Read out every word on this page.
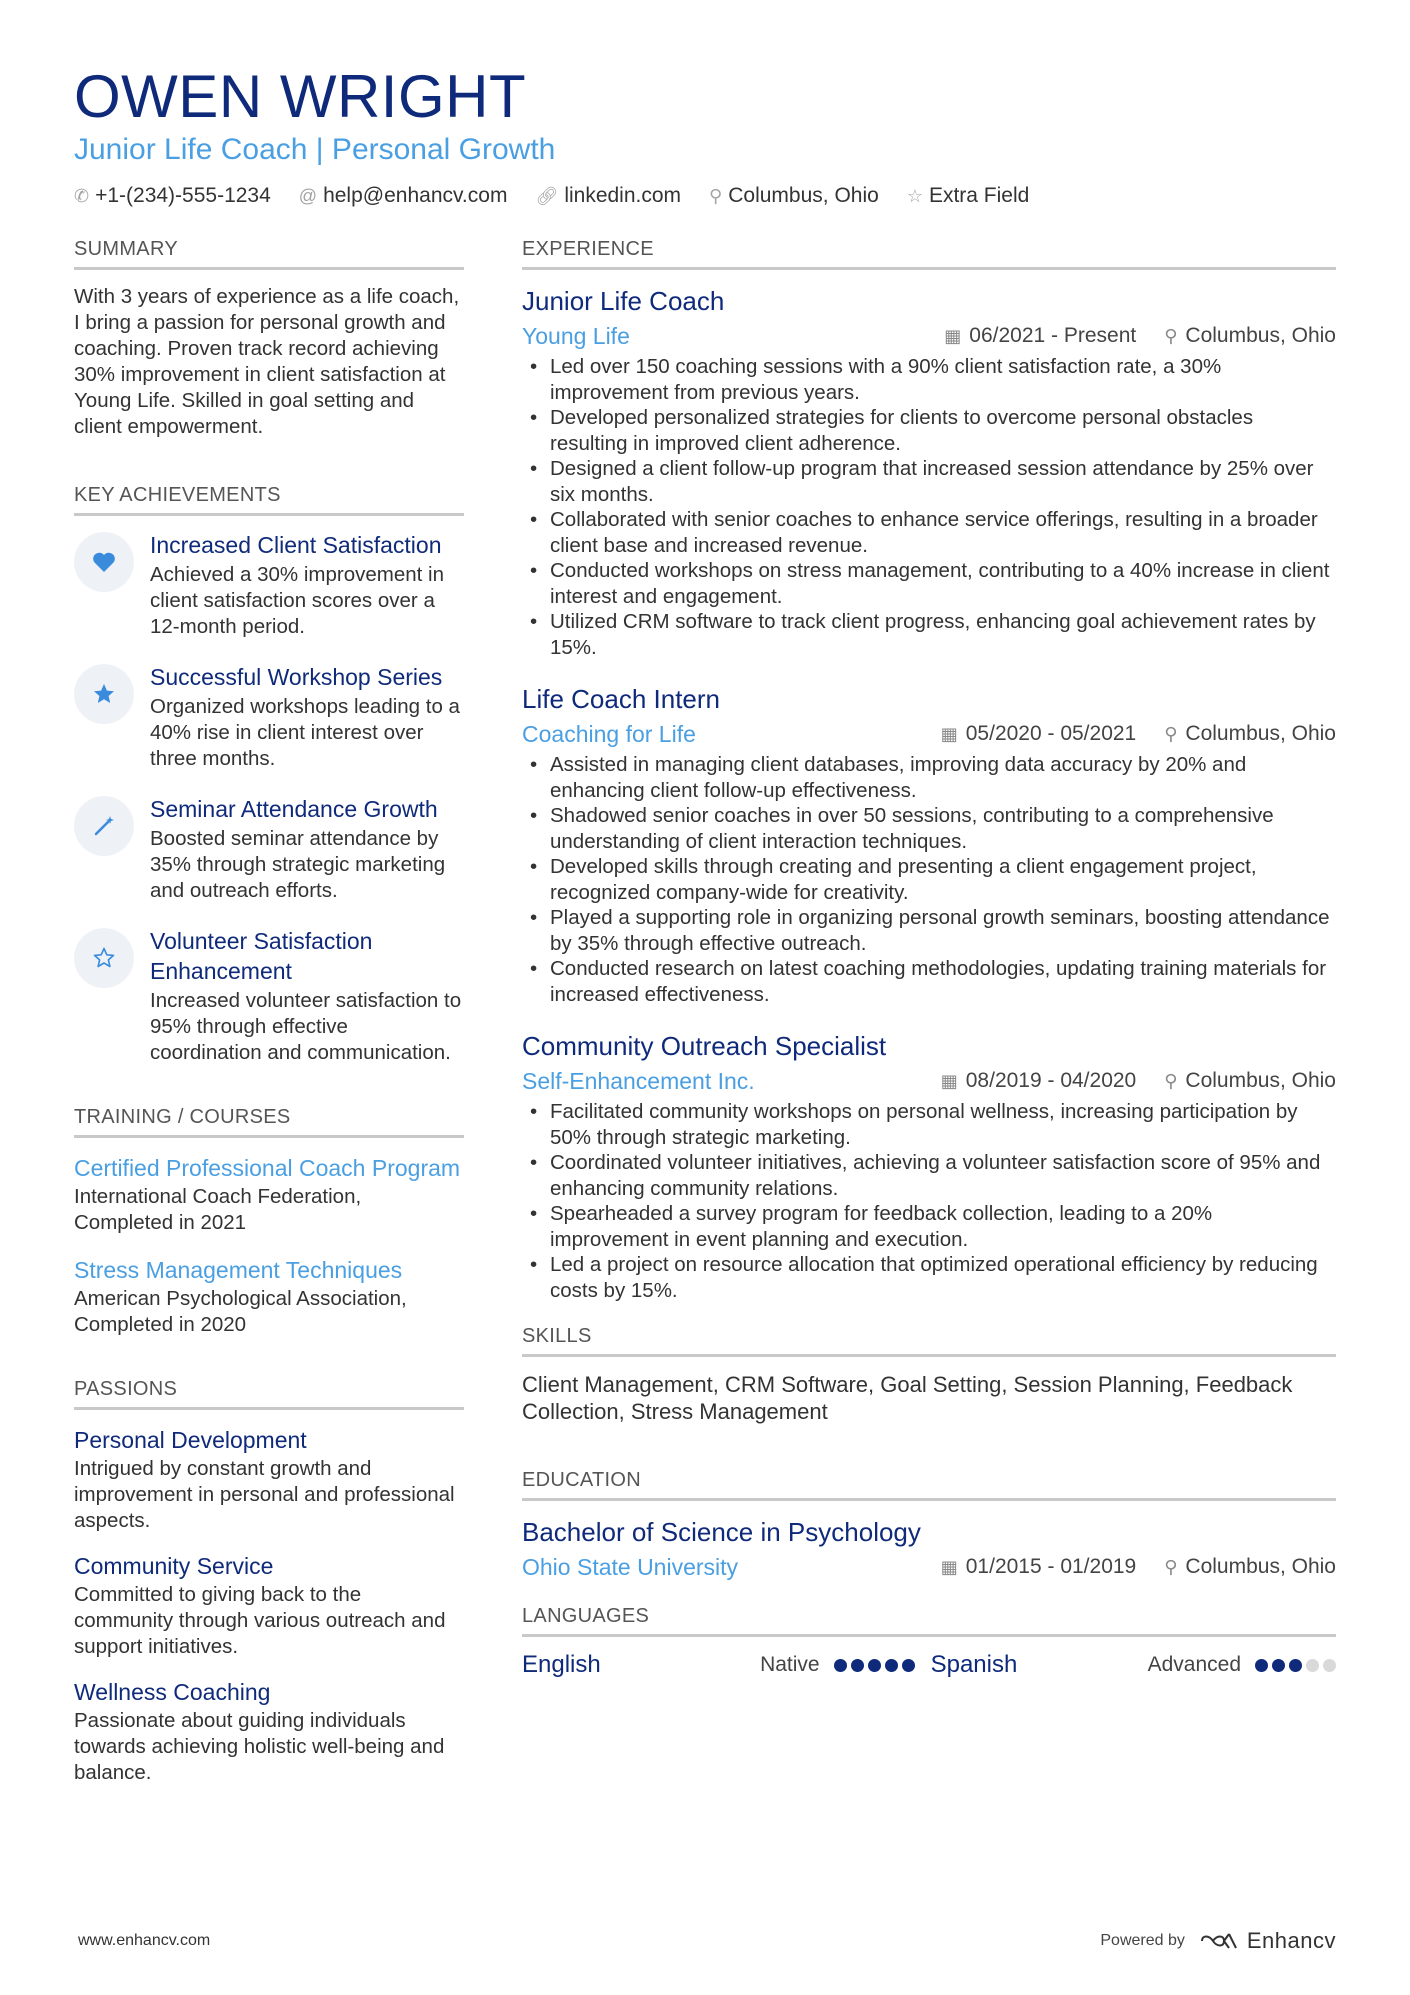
OWEN WRIGHT
Junior Life Coach | Personal Growth
✆ +1-(234)-555-1234 @ help@enhancv.com 🔗︎ linkedin.com ⚲ Columbus, Ohio ☆ Extra Field
SUMMARY
With 3 years of experience as a life coach, I bring a passion for personal growth and coaching. Proven track record achieving 30% improvement in client satisfaction at Young Life. Skilled in goal setting and client empowerment.
KEY ACHIEVEMENTS
Increased Client Satisfaction
Achieved a 30% improvement in client satisfaction scores over a 12-month period.
Successful Workshop Series
Organized workshops leading to a 40% rise in client interest over three months.
Seminar Attendance Growth
Boosted seminar attendance by 35% through strategic marketing and outreach efforts.
Volunteer Satisfaction Enhancement
Increased volunteer satisfaction to 95% through effective coordination and communication.
TRAINING / COURSES
Certified Professional Coach Program
International Coach Federation, Completed in 2021
Stress Management Techniques
American Psychological Association, Completed in 2020
PASSIONS
Personal Development
Intrigued by constant growth and improvement in personal and professional aspects.
Community Service
Committed to giving back to the community through various outreach and support initiatives.
Wellness Coaching
Passionate about guiding individuals towards achieving holistic well-being and balance.
EXPERIENCE
Junior Life Coach
Young Life	▦ 06/2021 - Present ⚲ Columbus, Ohio
• Led over 150 coaching sessions with a 90% client satisfaction rate, a 30% improvement from previous years.
• Developed personalized strategies for clients to overcome personal obstacles resulting in improved client adherence.
• Designed a client follow-up program that increased session attendance by 25% over six months.
• Collaborated with senior coaches to enhance service offerings, resulting in a broader client base and increased revenue.
• Conducted workshops on stress management, contributing to a 40% increase in client interest and engagement.
• Utilized CRM software to track client progress, enhancing goal achievement rates by 15%.
Life Coach Intern
Coaching for Life	▦ 05/2020 - 05/2021 ⚲ Columbus, Ohio
• Assisted in managing client databases, improving data accuracy by 20% and enhancing client follow-up effectiveness.
• Shadowed senior coaches in over 50 sessions, contributing to a comprehensive understanding of client interaction techniques.
• Developed skills through creating and presenting a client engagement project, recognized company-wide for creativity.
• Played a supporting role in organizing personal growth seminars, boosting attendance by 35% through effective outreach.
• Conducted research on latest coaching methodologies, updating training materials for increased effectiveness.
Community Outreach Specialist
Self-Enhancement Inc.	▦ 08/2019 - 04/2020 ⚲ Columbus, Ohio
• Facilitated community workshops on personal wellness, increasing participation by 50% through strategic marketing.
• Coordinated volunteer initiatives, achieving a volunteer satisfaction score of 95% and enhancing community relations.
• Spearheaded a survey program for feedback collection, leading to a 20% improvement in event planning and execution.
• Led a project on resource allocation that optimized operational efficiency by reducing costs by 15%.
SKILLS
Client Management, CRM Software, Goal Setting, Session Planning, Feedback Collection, Stress Management
EDUCATION
Bachelor of Science in Psychology
Ohio State University	▦ 01/2015 - 01/2019 ⚲ Columbus, Ohio
LANGUAGES
English	Native	Spanish	Advanced
www.enhancv.com	Powered by	Enhancv
